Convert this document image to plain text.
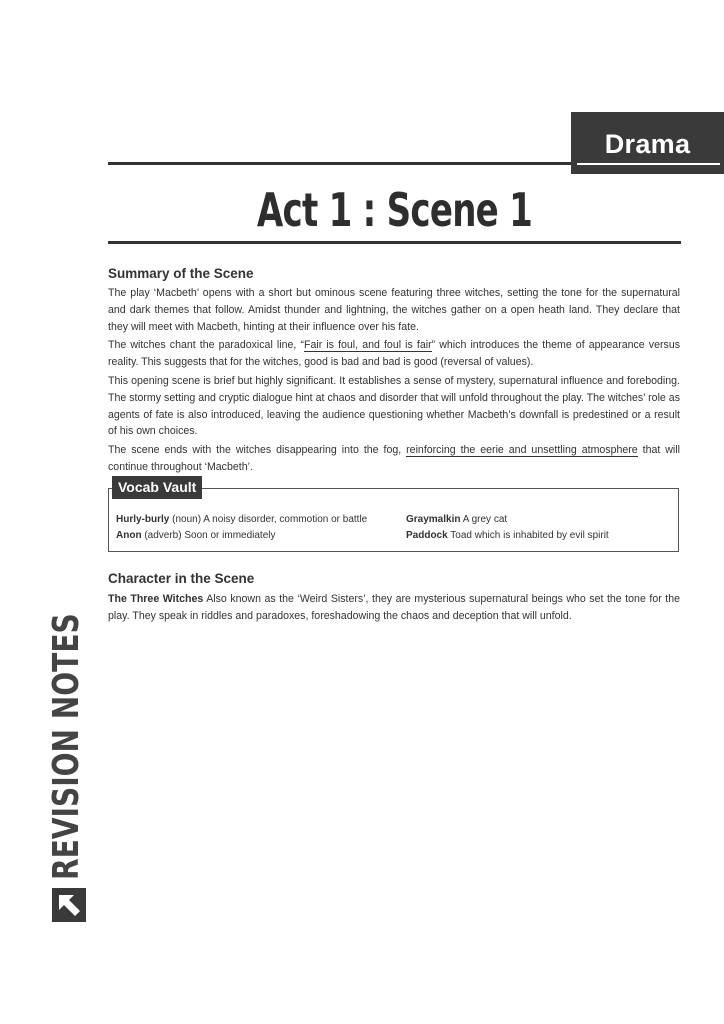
Drama
Act 1 : Scene 1
Summary of the Scene

The play ‘Macbeth’ opens with a short but ominous scene featuring three witches, setting the tone for the supernatural and dark themes that follow. Amidst thunder and lightning, the witches gather on a open heath land. They declare that they will meet with Macbeth, hinting at their influence over his fate.

The witches chant the paradoxical line, “Fair is foul, and foul is fair” which introduces the theme of appearance versus reality. This suggests that for the witches, good is bad and bad is good (reversal of values).

This opening scene is brief but highly significant. It establishes a sense of mystery, supernatural influence and foreboding. The stormy setting and cryptic dialogue hint at chaos and disorder that will unfold throughout the play. The witches’ role as agents of fate is also introduced, leaving the audience questioning whether Macbeth’s downfall is predestined or a result of his own choices.

The scene ends with the witches disappearing into the fog, reinforcing the eerie and unsettling atmosphere that will continue throughout ‘Macbeth’.

Vocab Vault
Hurly-burly (noun) A noisy disorder, commotion or battle
Anon (adverb) Soon or immediately
Graymalkin A grey cat
Paddock Toad which is inhabited by evil spirit
Character in the Scene

The Three Witches Also known as the ‘Weird Sisters’, they are mysterious supernatural beings who set the tone for the play. They speak in riddles and paradoxes, foreshadowing the chaos and deception that will unfold.

REVISION NOTES
